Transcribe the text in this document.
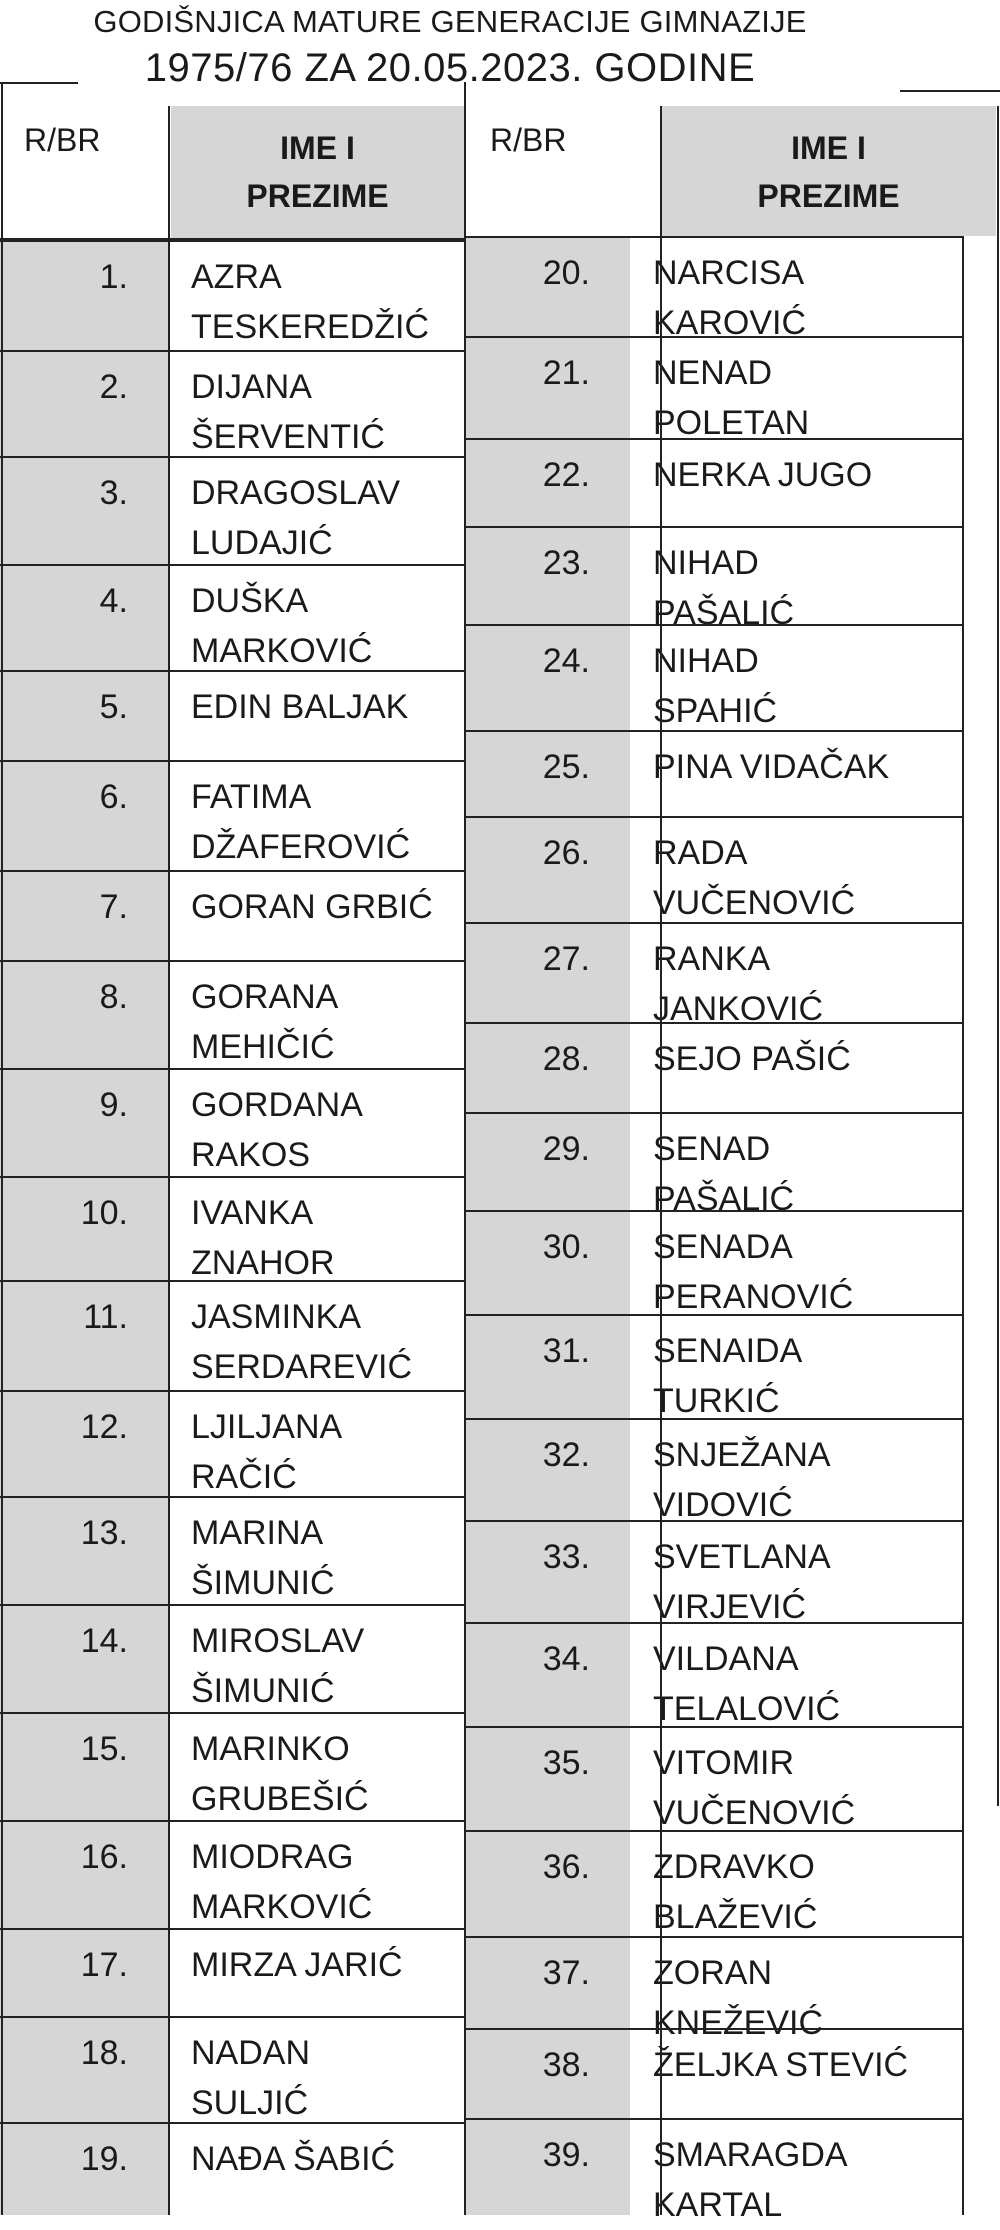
GODIŠNJICA MATURE GENERACIJE GIMNAZIJE
1975/76 ZA 20.05.2023. GODINE
R/BR	IME I
PREZIME
R/BR	IME I
PREZIME
1.	AZRA
TESKEREDŽIĆ
2.	DIJANA
ŠERVENTIĆ
3.	DRAGOSLAV
LUDAJIĆ
4.	DUŠKA
MARKOVIĆ
5.	EDIN BALJAK
6.	FATIMA
DŽAFEROVIĆ
7.	GORAN GRBIĆ
8.	GORANA
MEHIČIĆ
9.	GORDANA
RAKOS
10.	IVANKA
ZNAHOR
11.	JASMINKA
SERDAREVIĆ
12.	LJILJANA
RAČIĆ
13.	MARINA
ŠIMUNIĆ
14.	MIROSLAV
ŠIMUNIĆ
15.	MARINKO
GRUBEŠIĆ
16.	MIODRAG
MARKOVIĆ
17.	MIRZA JARIĆ
18.	NADAN
SULJIĆ
19.	NAĐA ŠABIĆ
20.	NARCISA
KAROVIĆ
21.	NENAD
POLETAN
22.	NERKA JUGO
23.	NIHAD
PAŠALIĆ
24.	NIHAD
SPAHIĆ
25.	PINA VIDAČAK
26.	RADA
VUČENOVIĆ
27.	RANKA
JANKOVIĆ
28.	SEJO PAŠIĆ
29.	SENAD
PAŠALIĆ
30.	SENADA
PERANOVIĆ
31.	SENAIDA
TURKIĆ
32.	SNJEŽANA
VIDOVIĆ
33.	SVETLANA
VIRJEVIĆ
34.	VILDANA
TELALOVIĆ
35.	VITOMIR
VUČENOVIĆ
36.	ZDRAVKO
BLAŽEVIĆ
37.	ZORAN
KNEŽEVIĆ
38.	ŽELJKA STEVIĆ
39.	SMARAGDA
KARTAL
